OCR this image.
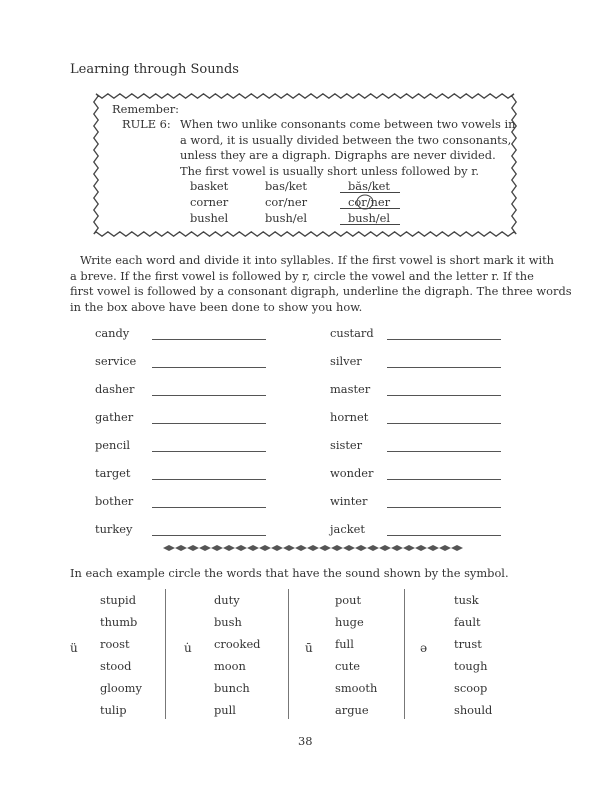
Learning through Sounds
Remember:
RULE 6: When two unlike consonants come between two vowels in
a word, it is usually divided between the two consonants,
unless they are a digraph. Digraphs are never divided.
The first vowel is usually short unless followed by r.
basket	bas/ket	băs/ket
corner	cor/ner	cor/ner
bushel	bush/el	bush/el

Write each word and divide it into syllables. If the first vowel is short mark it with

a breve. If the first vowel is followed by r, circle the vowel and the letter r. If the

first vowel is followed by a consonant digraph, underline the digraph. The three words

in the box above have been done to show you how.

candy
service
dasher
gather
pencil
target
bother
turkey
custard
silver
master
hornet
sister
wonder
winter
jacket
In each example circle the words that have the sound shown by the symbol.
ü
stupid
thumb
roost
stood
gloomy
tulip
u̇
duty
bush
crooked
moon
bunch
pull
ū
pout
huge
full
cute
smooth
argue
ə
tusk
fault
trust
tough
scoop
should
38
